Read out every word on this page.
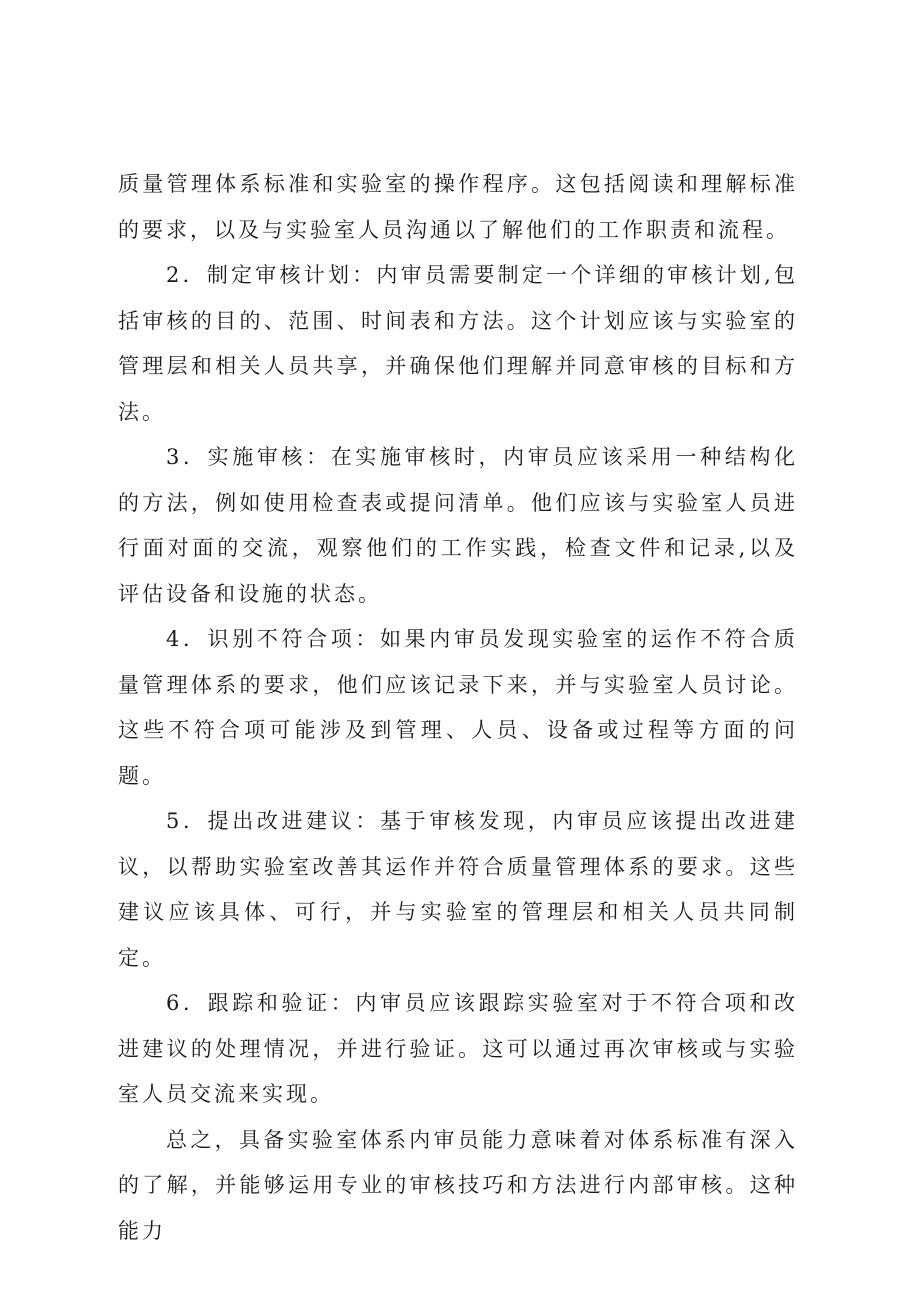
质量管理体系标准和实验室的操作程序。这包括阅读和理解标准的要求，以及与实验室人员沟通以了解他们的工作职责和流程。

2．制定审核计划：内审员需要制定一个详细的审核计划,包括审核的目的、范围、时间表和方法。这个计划应该与实验室的管理层和相关人员共享，并确保他们理解并同意审核的目标和方法。

3．实施审核：在实施审核时，内审员应该采用一种结构化的方法，例如使用检查表或提问清单。他们应该与实验室人员进行面对面的交流，观察他们的工作实践，检查文件和记录,以及评估设备和设施的状态。

4．识别不符合项：如果内审员发现实验室的运作不符合质量管理体系的要求，他们应该记录下来，并与实验室人员讨论。这些不符合项可能涉及到管理、人员、设备或过程等方面的问题。

5．提出改进建议：基于审核发现，内审员应该提出改进建议，以帮助实验室改善其运作并符合质量管理体系的要求。这些建议应该具体、可行，并与实验室的管理层和相关人员共同制定。

6．跟踪和验证：内审员应该跟踪实验室对于不符合项和改进建议的处理情况，并进行验证。这可以通过再次审核或与实验室人员交流来实现。

总之，具备实验室体系内审员能力意味着对体系标准有深入的了解，并能够运用专业的审核技巧和方法进行内部审核。这种能力
